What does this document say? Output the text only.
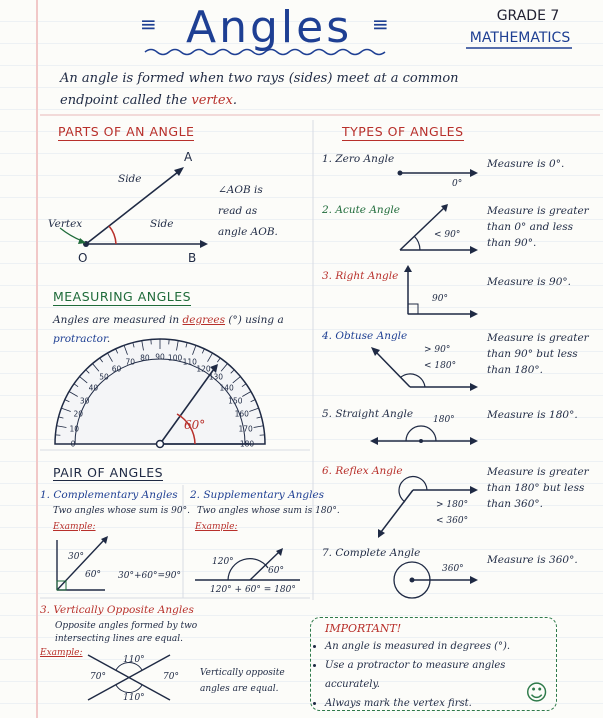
≡ Angles ≡	GRADE 7
MATHEMATICS
An angle is formed when two rays (sides) meet at a common endpoint called the vertex.
PARTS OF AN ANGLE
Vertex
Side
Side
A
O	B
∠AOB is
read as
angle AOB.
MEASURING ANGLES
Angles are measured in degrees (°) using a protractor.
0
10
20
30
40
50
60
70 80 90 100 110
120
130
140
150
160
170
180
60°
PAIR OF ANGLES
1. Complementary Angles
Two angles whose sum is 90°.
Example:
30°
60° 30°+60°=90°
2. Supplementary Angles
Two angles whose sum is 180°.
Example:
120°
60°
120° + 60° = 180°
3. Vertically Opposite Angles
Opposite angles formed by two
intersecting lines are equal.
Example:
110°
110°
70°	70° Vertically opposite
angles are equal.
TYPES OF ANGLES
1. Zero Angle
0°
Measure is 0°.
2. Acute Angle
< 90°
Measure is greater
than 0° and less
than 90°.
3. Right Angle
90°
Measure is 90°.
4. Obtuse Angle
> 90°
< 180°
Measure is greater
than 90° but less
than 180°.
5. Straight Angle 180°	Measure is 180°.
6. Reflex Angle
> 180°
< 360°
Measure is greater
than 180° but less
than 360°.
7. Complete Angle
360°
Measure is 360°.
IMPORTANT!
• An angle is measured in degrees (°).
• Use a protractor to measure angles accurately.
• Always mark the vertex first.	☺
